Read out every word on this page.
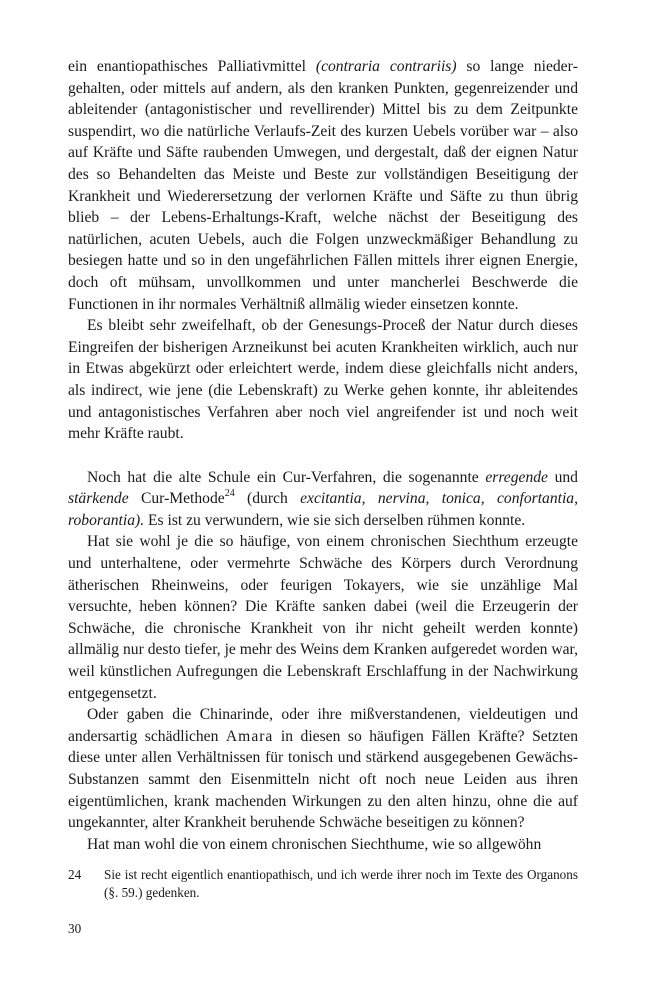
ein enantiopathisches Palliativmittel (contraria contrariis) so lange niedergehalten, oder mittels auf andern, als den kranken Punkten, gegenreizender und ableitender (antagonistischer und revellirender) Mittel bis zu dem Zeitpunkte suspendirt, wo die natürliche Verlaufs-Zeit des kurzen Uebels vorüber war – also auf Kräfte und Säfte raubenden Umwegen, und dergestalt, daß der eignen Natur des so Behandelten das Meiste und Beste zur vollständigen Beseitigung der Krankheit und Wiederersetzung der verlornen Kräfte und Säfte zu thun übrig blieb – der Lebens-Erhaltungs-Kraft, welche nächst der Beseitigung des natürlichen, acuten Uebels, auch die Folgen unzweckmäßiger Behandlung zu besiegen hatte und so in den ungefährlichen Fällen mittels ihrer eignen Energie, doch oft mühsam, unvollkommen und unter mancherlei Beschwerde die Functionen in ihr normales Verhältniß allmälig wieder einsetzen konnte.

Es bleibt sehr zweifelhaft, ob der Genesungs-Proceß der Natur durch dieses Eingreifen der bisherigen Arzneikunst bei acuten Krankheiten wirklich, auch nur in Etwas abgekürzt oder erleichtert werde, indem diese gleichfalls nicht anders, als indirect, wie jene (die Lebenskraft) zu Werke gehen konnte, ihr ableitendes und antagonistisches Verfahren aber noch viel angreifender ist und noch weit mehr Kräfte raubt.

Noch hat die alte Schule ein Cur-Verfahren, die sogenannte erregende und stärkende Cur-Methode$^{24}$ (durch excitantia, nervina, tonica, confortantia, roborantia). Es ist zu verwundern, wie sie sich derselben rühmen konnte.

Hat sie wohl je die so häufige, von einem chronischen Siechthum erzeugte und unterhaltene, oder vermehrte Schwäche des Körpers durch Verordnung ätherischen Rheinweins, oder feurigen Tokayers, wie sie unzählige Mal versuchte, heben können? Die Kräfte sanken dabei (weil die Erzeugerin der Schwäche, die chronische Krankheit von ihr nicht geheilt werden konnte) allmälig nur desto tiefer, je mehr des Weins dem Kranken aufgeredet worden war, weil künstlichen Aufregungen die Lebenskraft Erschlaffung in der Nachwirkung entgegensetzt.

Oder gaben die Chinarinde, oder ihre mißverstandenen, vieldeutigen und andersartig schädlichen Amara in diesen so häufigen Fällen Kräfte? Setzten diese unter allen Verhältnissen für tonisch und stärkend ausgegebenen Gewächs-Substanzen sammt den Eisenmitteln nicht oft noch neue Leiden aus ihren eigentümlichen, krank machenden Wirkungen zu den alten hinzu, ohne die auf ungekannter, alter Krankheit beruhende Schwäche beseitigen zu können?

Hat man wohl die von einem chronischen Siechthume, wie so allgewöhn

24	Sie ist recht eigentlich enantiopathisch, und ich werde ihrer noch im Texte des Organons (§. 59.) gedenken.
30
